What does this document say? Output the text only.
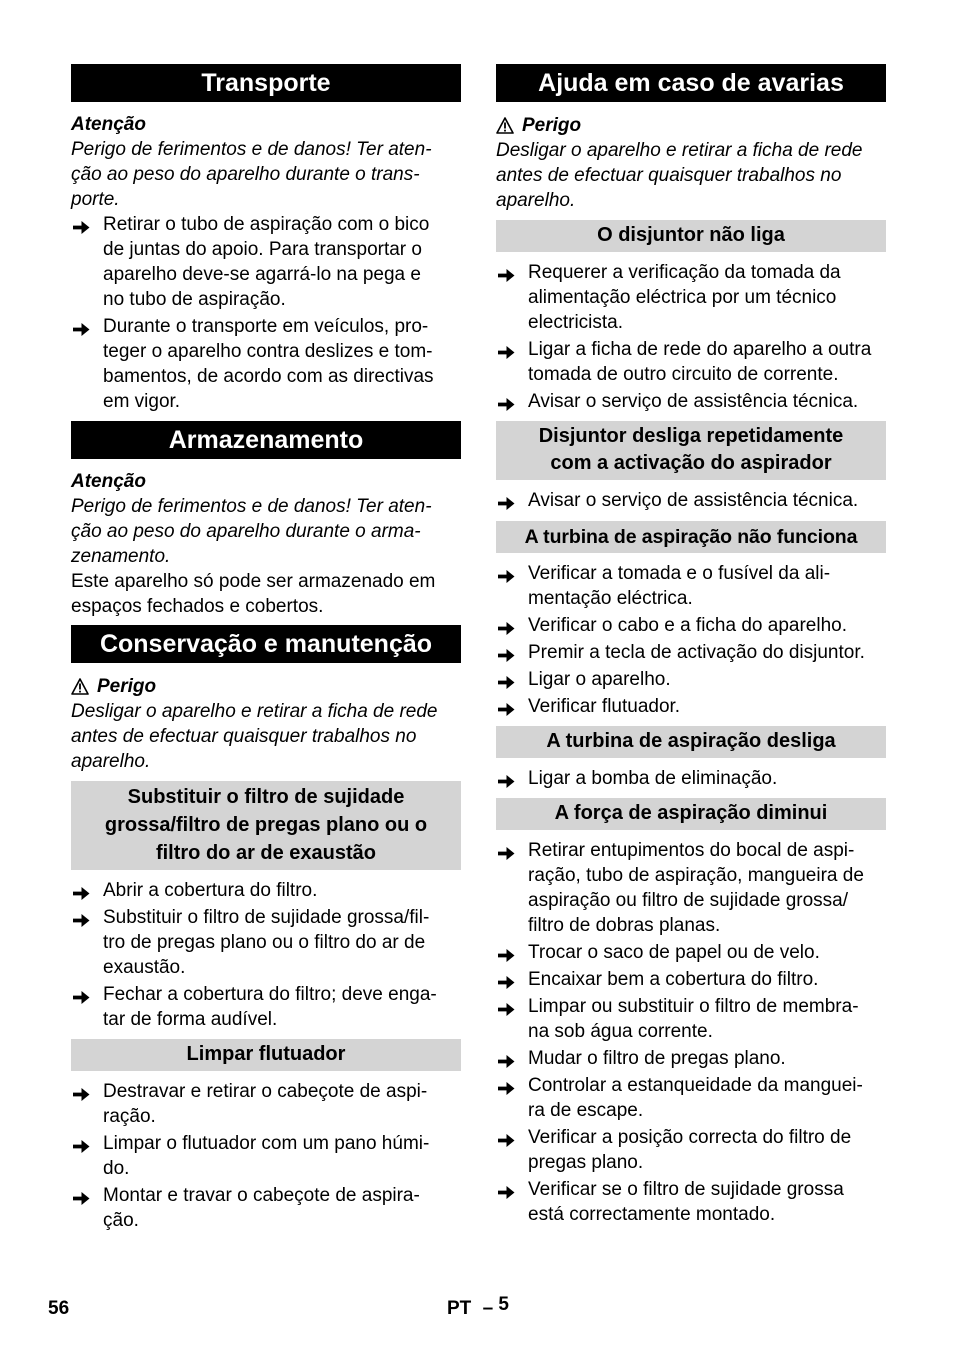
Transporte
Atenção

Perigo de ferimentos e de danos! Ter aten-
ção ao peso do aparelho durante o trans-
porte.

Retirar o tubo de aspiração com o bico
de juntas do apoio. Para transportar o
aparelho deve-se agarrá-lo na pega e
no tubo de aspiração.
Durante o transporte em veículos, pro-
teger o aparelho contra deslizes e tom-
bamentos, de acordo com as directivas
em vigor.
Armazenamento
Atenção

Perigo de ferimentos e de danos! Ter aten-
ção ao peso do aparelho durante o arma-
zenamento.

Este aparelho só pode ser armazenado em
espaços fechados e cobertos.

Conservação e manutenção
Perigo

Desligar o aparelho e retirar a ficha de rede
antes de efectuar quaisquer trabalhos no
aparelho.

Substituir o filtro de sujidade
grossa/filtro de pregas plano ou o
filtro do ar de exaustão
Abrir a cobertura do filtro.
Substituir o filtro de sujidade grossa/fil-
tro de pregas plano ou o filtro do ar de
exaustão.
Fechar a cobertura do filtro; deve enga-
tar de forma audível.
Limpar flutuador
Destravar e retirar o cabeçote de aspi-
ração.
Limpar o flutuador com um pano húmi-
do.
Montar e travar o cabeçote de aspira-
ção.
Ajuda em caso de avarias
Perigo

Desligar o aparelho e retirar a ficha de rede
antes de efectuar quaisquer trabalhos no
aparelho.

O disjuntor não liga
Requerer a verificação da tomada da
alimentação eléctrica por um técnico
electricista.
Ligar a ficha de rede do aparelho a outra
tomada de outro circuito de corrente.
Avisar o serviço de assistência técnica.
Disjuntor desliga repetidamente
com a activação do aspirador
Avisar o serviço de assistência técnica.
A turbina de aspiração não funciona
Verificar a tomada e o fusível da ali-
mentação eléctrica.
Verificar o cabo e a ficha do aparelho.
Premir a tecla de activação do disjuntor.
Ligar o aparelho.
Verificar flutuador.
A turbina de aspiração desliga
Ligar a bomba de eliminação.
A força de aspiração diminui
Retirar entupimentos do bocal de aspi-
ração, tubo de aspiração, mangueira de
aspiração ou filtro de sujidade grossa/
filtro de dobras planas.
Trocar o saco de papel ou de velo.
Encaixar bem a cobertura do filtro.
Limpar ou substituir o filtro de membra-
na sob água corrente.
Mudar o filtro de pregas plano.
Controlar a estanqueidade da manguei-
ra de escape.
Verificar a posição correcta do filtro de
pregas plano.
Verificar se o filtro de sujidade grossa
está correctamente montado.
56	PT – 5
